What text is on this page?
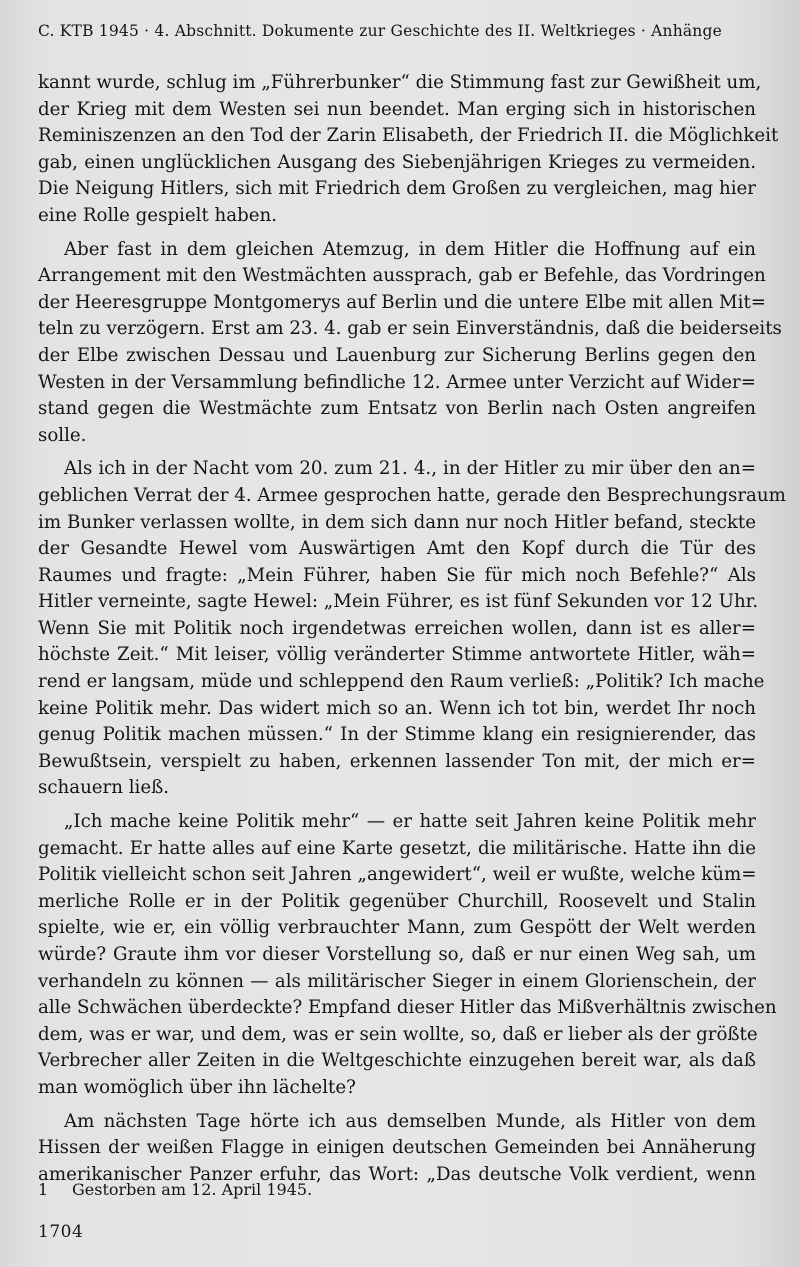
C. KTB 1945 · 4. Abschnitt. Dokumente zur Geschichte des II. Weltkrieges · Anhänge
kannt wurde, schlug im „Führerbunker“ die Stimmung fast zur Gewißheit um,
der Krieg mit dem Westen sei nun beendet. Man erging sich in historischen
Reminiszenzen an den Tod der Zarin Elisabeth, der Friedrich II. die Möglichkeit
gab, einen unglücklichen Ausgang des Siebenjährigen Krieges zu vermeiden.
Die Neigung Hitlers, sich mit Friedrich dem Großen zu vergleichen, mag hier
eine Rolle gespielt haben.
Aber fast in dem gleichen Atemzug, in dem Hitler die Hoffnung auf ein
Arrangement mit den Westmächten aussprach, gab er Befehle, das Vordringen
der Heeresgruppe Montgomerys auf Berlin und die untere Elbe mit allen Mit=
teln zu verzögern. Erst am 23. 4. gab er sein Einverständnis, daß die beiderseits
der Elbe zwischen Dessau und Lauenburg zur Sicherung Berlins gegen den
Westen in der Versammlung befindliche 12. Armee unter Verzicht auf Wider=
stand gegen die Westmächte zum Entsatz von Berlin nach Osten angreifen
solle.
Als ich in der Nacht vom 20. zum 21. 4., in der Hitler zu mir über den an=
geblichen Verrat der 4. Armee gesprochen hatte, gerade den Besprechungsraum
im Bunker verlassen wollte, in dem sich dann nur noch Hitler befand, steckte
der Gesandte Hewel vom Auswärtigen Amt den Kopf durch die Tür des
Raumes und fragte: „Mein Führer, haben Sie für mich noch Befehle?“ Als
Hitler verneinte, sagte Hewel: „Mein Führer, es ist fünf Sekunden vor 12 Uhr.
Wenn Sie mit Politik noch irgendetwas erreichen wollen, dann ist es aller=
höchste Zeit.“ Mit leiser, völlig veränderter Stimme antwortete Hitler, wäh=
rend er langsam, müde und schleppend den Raum verließ: „Politik? Ich mache
keine Politik mehr. Das widert mich so an. Wenn ich tot bin, werdet Ihr noch
genug Politik machen müssen.“ In der Stimme klang ein resignierender, das
Bewußtsein, verspielt zu haben, erkennen lassender Ton mit, der mich er=
schauern ließ.
„Ich mache keine Politik mehr“ — er hatte seit Jahren keine Politik mehr
gemacht. Er hatte alles auf eine Karte gesetzt, die militärische. Hatte ihn die
Politik vielleicht schon seit Jahren „angewidert“, weil er wußte, welche küm=
merliche Rolle er in der Politik gegenüber Churchill, Roosevelt und Stalin
spielte, wie er, ein völlig verbrauchter Mann, zum Gespött der Welt werden
würde? Graute ihm vor dieser Vorstellung so, daß er nur einen Weg sah, um
verhandeln zu können — als militärischer Sieger in einem Glorienschein, der
alle Schwächen überdeckte? Empfand dieser Hitler das Mißverhältnis zwischen
dem, was er war, und dem, was er sein wollte, so, daß er lieber als der größte
Verbrecher aller Zeiten in die Weltgeschichte einzugehen bereit war, als daß
man womöglich über ihn lächelte?
Am nächsten Tage hörte ich aus demselben Munde, als Hitler von dem
Hissen der weißen Flagge in einigen deutschen Gemeinden bei Annäherung
amerikanischer Panzer erfuhr, das Wort: „Das deutsche Volk verdient, wenn
1 Gestorben am 12. April 1945.
1704
